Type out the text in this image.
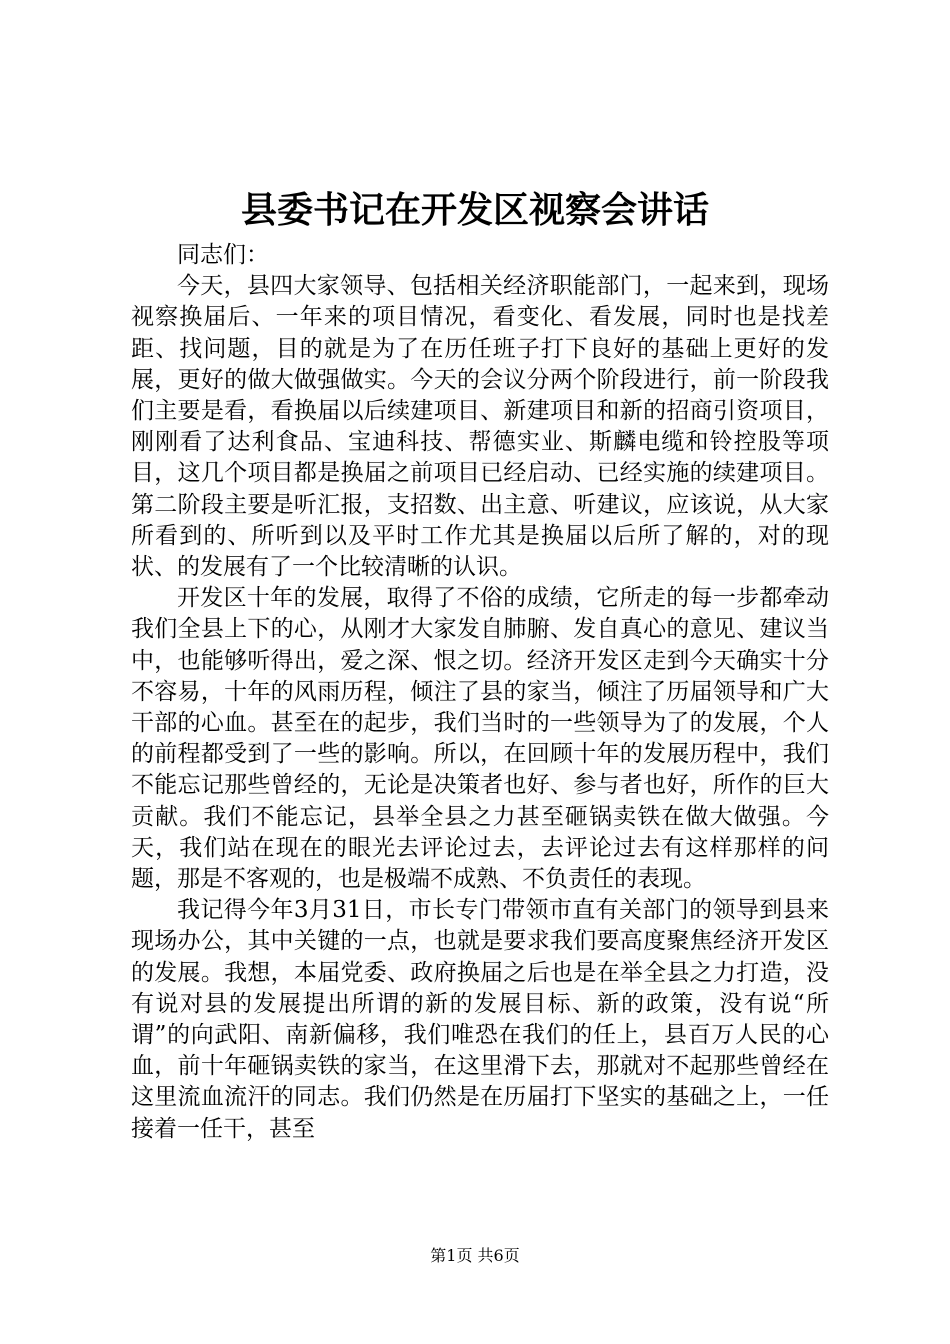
县委书记在开发区视察会讲话

同志们：

今天，县四大家领导、包括相关经济职能部门，一起来到，现场视察换届后、一年来的项目情况，看变化、看发展，同时也是找差距、找问题，目的就是为了在历任班子打下良好的基础上更好的发展，更好的做大做强做实。今天的会议分两个阶段进行，前一阶段我们主要是看，看换届以后续建项目、新建项目和新的招商引资项目，刚刚看了达利食品、宝迪科技、帮德实业、斯麟电缆和铃控股等项目，这几个项目都是换届之前项目已经启动、已经实施的续建项目。第二阶段主要是听汇报，支招数、出主意、听建议，应该说，从大家所看到的、所听到以及平时工作尤其是换届以后所了解的，对的现状、的发展有了一个比较清晰的认识。

开发区十年的发展，取得了不俗的成绩，它所走的每一步都牵动我们全县上下的心，从刚才大家发自肺腑、发自真心的意见、建议当中，也能够听得出，爱之深、恨之切。经济开发区走到今天确实十分不容易，十年的风雨历程，倾注了县的家当，倾注了历届领导和广大干部的心血。甚至在的起步，我们当时的一些领导为了的发展，个人的前程都受到了一些的影响。所以，在回顾十年的发展历程中，我们不能忘记那些曾经的，无论是决策者也好、参与者也好，所作的巨大贡献。我们不能忘记，县举全县之力甚至砸锅卖铁在做大做强。今天，我们站在现在的眼光去评论过去，去评论过去有这样那样的问题，那是不客观的，也是极端不成熟、不负责任的表现。

我记得今年3月31日，市长专门带领市直有关部门的领导到县来现场办公，其中关键的一点，也就是要求我们要高度聚焦经济开发区的发展。我想，本届党委、政府换届之后也是在举全县之力打造，没有说对县的发展提出所谓的新的发展目标、新的政策，没有说“所谓”的向武阳、南新偏移，我们唯恐在我们的任上，县百万人民的心血，前十年砸锅卖铁的家当，在这里滑下去，那就对不起那些曾经在这里流血流汗的同志。我们仍然是在历届打下坚实的基础之上，一任接着一任干，甚至

第1页 共6页
